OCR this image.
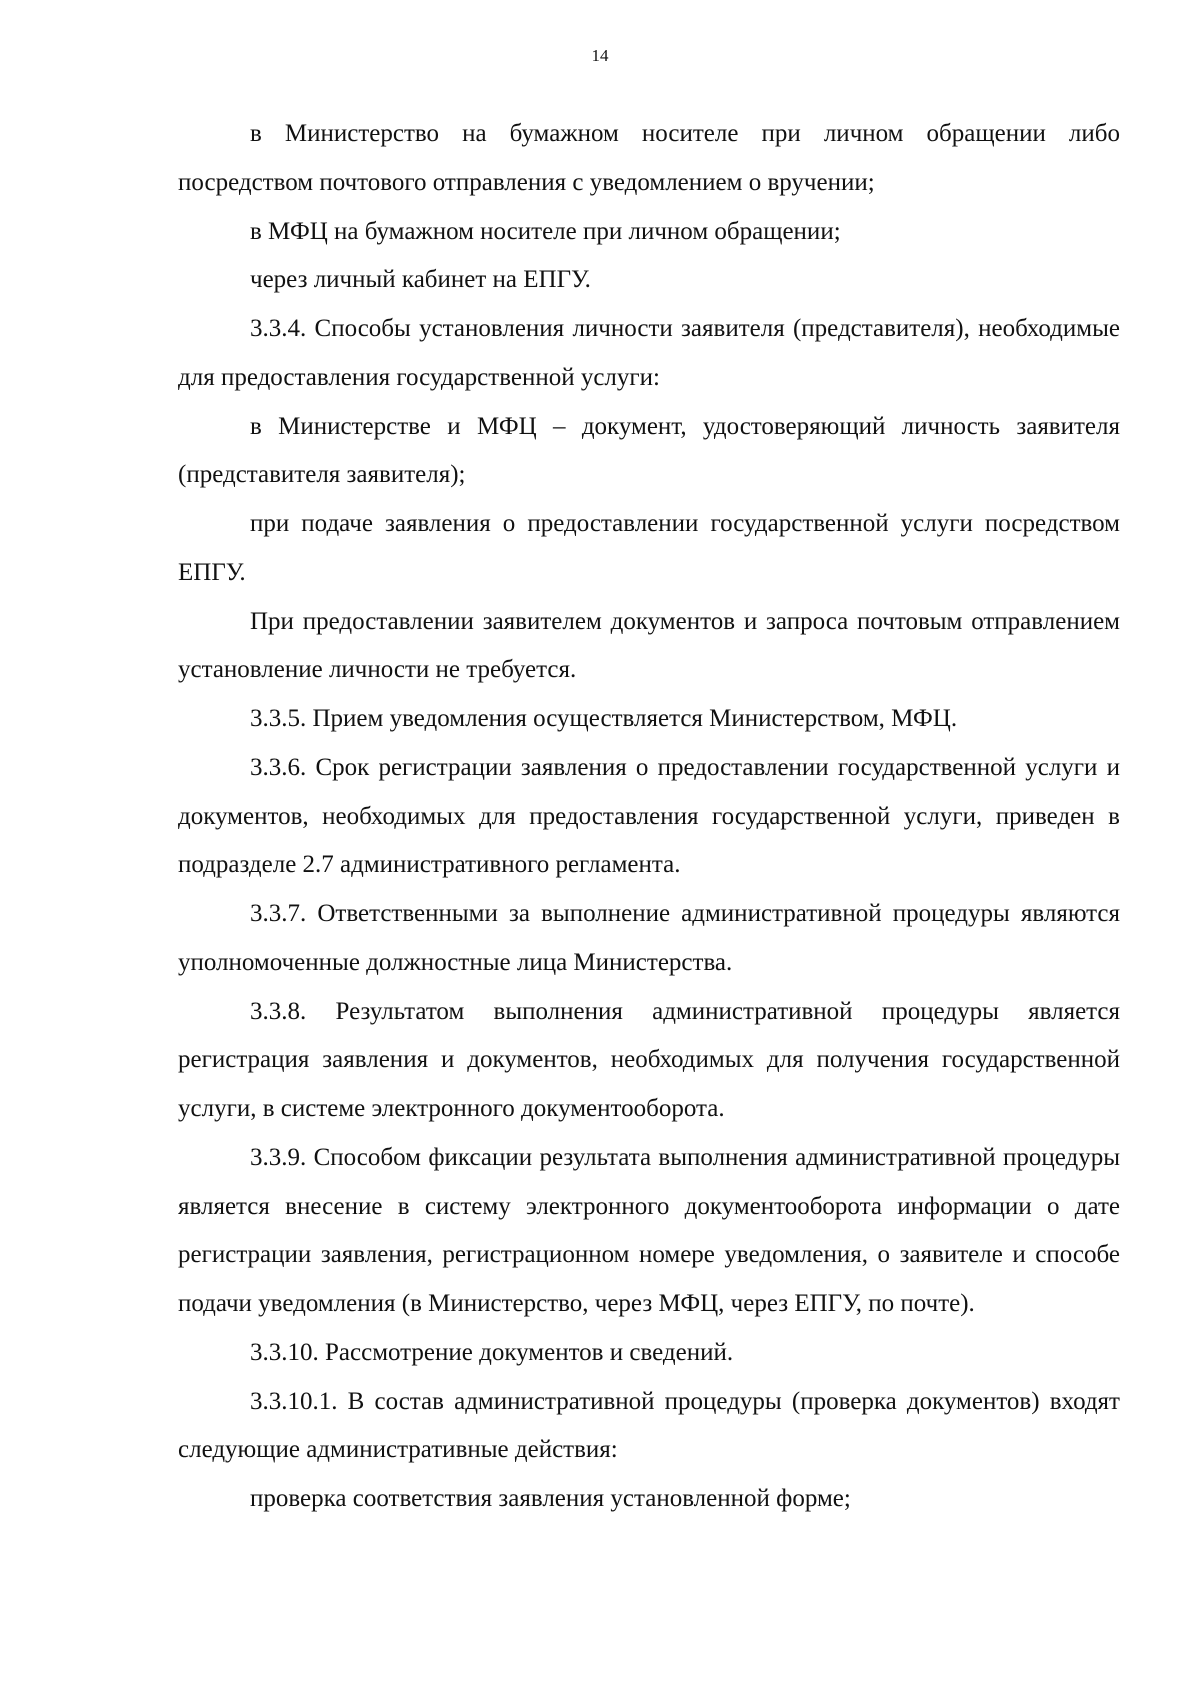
14

в Министерство на бумажном носителе при личном обращении либо посредством почтового отправления с уведомлением о вручении;

в МФЦ на бумажном носителе при личном обращении;

через личный кабинет на ЕПГУ.

3.3.4. Способы установления личности заявителя (представителя), необходимые для предоставления государственной услуги:

в Министерстве и МФЦ – документ, удостоверяющий личность заявителя (представителя заявителя);

при подаче заявления о предоставлении государственной услуги посредством ЕПГУ.

При предоставлении заявителем документов и запроса почтовым отправлением установление личности не требуется.

3.3.5. Прием уведомления осуществляется Министерством, МФЦ.

3.3.6. Срок регистрации заявления о предоставлении государственной услуги и документов, необходимых для предоставления государственной услуги, приведен в подразделе 2.7 административного регламента.

3.3.7. Ответственными за выполнение административной процедуры являются уполномоченные должностные лица Министерства.

3.3.8. Результатом выполнения административной процедуры является регистрация заявления и документов, необходимых для получения государственной услуги, в системе электронного документооборота.

3.3.9. Способом фиксации результата выполнения административной процедуры является внесение в систему электронного документооборота информации о дате регистрации заявления, регистрационном номере уведомления, о заявителе и способе подачи уведомления (в Министерство, через МФЦ, через ЕПГУ, по почте).

3.3.10. Рассмотрение документов и сведений.

3.3.10.1. В состав административной процедуры (проверка документов) входят следующие административные действия:

проверка соответствия заявления установленной форме;
